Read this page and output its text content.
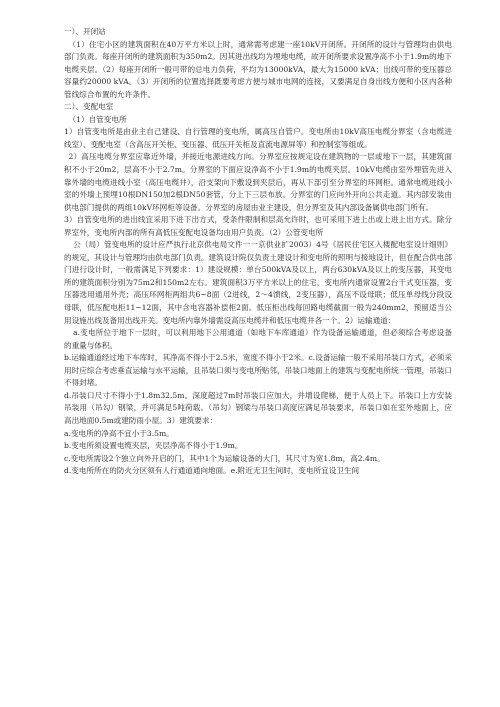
一）、开闭站

（1）住宅小区的建筑面积在40万平方米以上时，通常需考虑建一座10kV开闭所。开闭所的设计与管理均由供电部门负责。每座开闭所的建筑面积为350m2。因其进出线均为埋地电缆，故开闭所要求设置净高不小于1.9m的地下电缆夹层。（2）每座开闭所一般可带的总电力负荷，平均为13000kVA，最大为15000 kVA；出线可带的变压器总容量约20000 kVA。（3）开闭所的位置选择既要考虑方便与城市电网的连接，又要满足自身出线方便和小区内各种管线综合布置的允许条件。

二）、变配电室

（1）自管变电所

1）自管变电所是由业主自己建设、自行管理的变电所，属高压自管户。变电所由10kV高压电缆分界室（含电缆进线室）、变配电室（含高压开关柜、变压器、低压开关柜及直流电源屏等）和控制室等组成。

2）高压电缆分界室应靠近外墙，并接近电源进线方向。分界室应按规定设在建筑物的一层或地下一层，其建筑面积不小于20m2，层高不小于2.7m。分界室的下面应设净高不小于1.9m的电缆夹层。10kV电缆由室外埋管先进入靠外墙的电缆进线小室（高压电缆井），沿支架向下敷设到夹层后，再从下部引至分界室的环网柜。通常电缆进线小室的外墙上预埋10根DN150加2根DN50套管，分上下三层布放。分界室的门应向外开向公共走道。其内部安装由供电部门提供的两组10kV环网柜等设备。分界室的房屋由业主建设，但分界室及其内部设备属供电部门所有。

3）自管变电所的进出线宜采用下进下出方式，受条件限制和层高允许时，也可采用下进上出或上进上出方式。除分界室外，变电所内部的所有高低压变配电设备均由用户负责。（2）公管变电所

公（局）管变电所的设计应严执行北京供电局文件一一京供业扩2003）4号《居民住宅区入楼配电室设计细则》的规定，其设计与管理均由供电部门负责。建筑设计院仅负责土建设计和变电所的照明与接地设计，但在配合供电部门进行设计时，一般需满足下列要求：1）建设规模：单台500kVA及以上，两台630kVA及以上的变压器，其变电所的建筑面积分别为75m2和150m2左右。建筑面积3万平方米以上的住宅，变电所内通常设置2台干式变压器，变压器选用通用外壳；高压环网柜两组共6~8面（2进线，2～4馈线，2变压器），高压不设母联；低压单母线分段设母联，低压配电柜11~12面，其中含电容器补偿柜2面。低压柜出线每回路电缆截面一般为240mm2，预留适当公用设施出线及备用出线开关。变电所内靠外墙需设高压电缆井和低压电缆井各一个。2）运输通道：

a.变电所位于地下一层时，可以利用地下公用通道（如地下车库通道）作为设备运输通道，但必须综合考虑设备的重量与体积。

b.运输通道经过地下车库时，其净高不得小于2.5米，宽度不得小于2米。c.设备运输一般不采用吊装口方式，必须采用时应综合考虑垂直运输与水平运输，且吊装口须与变电所贴邻，吊装口地面上的建筑与变配电所统一管理，吊装口不得封堵。

d.吊装口尺寸不得小于1.8m32.5m。深度超过7m时吊装口应加大，并增设爬梯，便于人员上下。吊装口上方安装吊装用（吊勾）钢梁，并可满足5吨荷载。（吊勾）钢梁与吊装口高度应满足吊装要求，吊装口如在室外地面上，应高出地面0.5m或建防雨小屋。3）建筑要求：

a.变电所的净高不宜小于3.5m。

b.变电所须设置电缆夹层，夹层净高不得小于1.9m。

c.变电所需设2个独立向外开启的门，其中1个为运输设备的大门，其尺寸为宽1.8m，高2.4m。

d.变电所所在的防火分区须有人行通道通向地面。e.附近无卫生间时，变电所宜设卫生间
